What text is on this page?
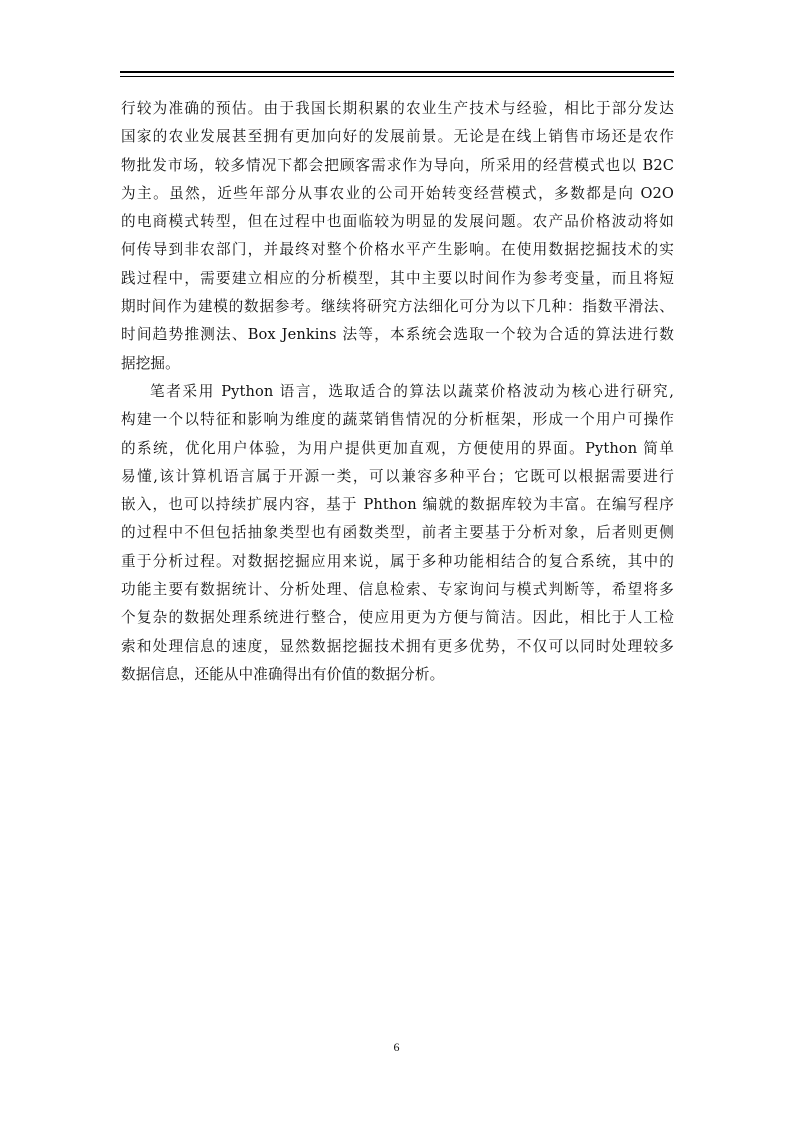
行较为准确的预估。由于我国长期积累的农业生产技术与经验，相比于部分发达
国家的农业发展甚至拥有更加向好的发展前景。无论是在线上销售市场还是农作
物批发市场，较多情况下都会把顾客需求作为导向，所采用的经营模式也以 B2C
为主。虽然，近些年部分从事农业的公司开始转变经营模式，多数都是向 O2O
的电商模式转型，但在过程中也面临较为明显的发展问题。农产品价格波动将如
何传导到非农部门，并最终对整个价格水平产生影响。在使用数据挖掘技术的实
践过程中，需要建立相应的分析模型，其中主要以时间作为参考变量，而且将短
期时间作为建模的数据参考。继续将研究方法细化可分为以下几种：指数平滑法、
时间趋势推测法、Box Jenkins 法等，本系统会选取一个较为合适的算法进行数
据挖掘。
笔者采用 Python 语言，选取适合的算法以蔬菜价格波动为核心进行研究,
构建一个以特征和影响为维度的蔬菜销售情况的分析框架，形成一个用户可操作
的系统，优化用户体验，为用户提供更加直观，方便使用的界面。Python 简单
易懂,该计算机语言属于开源一类，可以兼容多种平台；它既可以根据需要进行
嵌入，也可以持续扩展内容，基于 Phthon 编就的数据库较为丰富。在编写程序
的过程中不但包括抽象类型也有函数类型，前者主要基于分析对象，后者则更侧
重于分析过程。对数据挖掘应用来说，属于多种功能相结合的复合系统，其中的
功能主要有数据统计、分析处理、信息检索、专家询问与模式判断等，希望将多
个复杂的数据处理系统进行整合，使应用更为方便与简洁。因此，相比于人工检
索和处理信息的速度，显然数据挖掘技术拥有更多优势，不仅可以同时处理较多
数据信息，还能从中准确得出有价值的数据分析。
6
